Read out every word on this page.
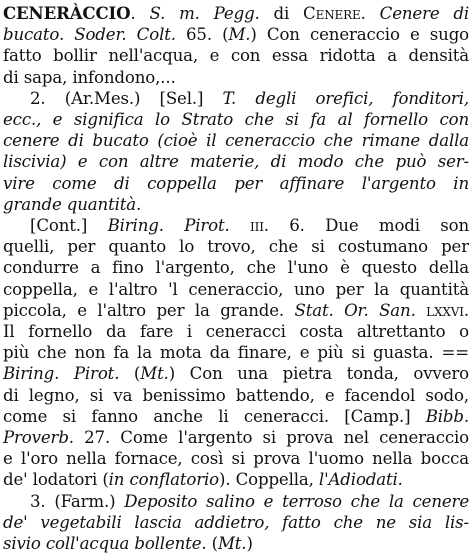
CENERÀCCIO. S. m. Pegg. di Cenere. Cenere di
bucato. Soder. Colt. 65. (M.) Con ceneraccio e sugo
fatto bollir nell'acqua, e con essa ridotta a densità
di sapa, infondono,...
2. (Ar.Mes.) [Sel.] T. degli orefici, fonditori,
ecc., e significa lo Strato che si fa al fornello con
cenere di bucato (cioè il ceneraccio che rimane dalla
liscivia) e con altre materie, di modo che può ser-
vire come di coppella per affinare l'argento in
grande quantità.
[Cont.] Biring. Pirot. iii. 6. Due modi son
quelli, per quanto lo trovo, che si costumano per
condurre a fino l'argento, che l'uno è questo della
coppella, e l'altro 'l ceneraccio, uno per la quantità
piccola, e l'altro per la grande. Stat. Or. San. lxxvi.
Il fornello da fare i ceneracci costa altrettanto o
più che non fa la mota da finare, e più si guasta. ==
Biring. Pirot. (Mt.) Con una pietra tonda, ovvero
di legno, si va benissimo battendo, e facendol sodo,
come si fanno anche li ceneracci. [Camp.] Bibb.
Proverb. 27. Come l'argento si prova nel ceneraccio
e l'oro nella fornace, così si prova l'uomo nella bocca
de' lodatori (in conflatorio). Coppella, l'Adiodati.
3. (Farm.) Deposito salino e terroso che la cenere
de' vegetabili lascia addietro, fatto che ne sia lis-
sivio coll'acqua bollente. (Mt.)
